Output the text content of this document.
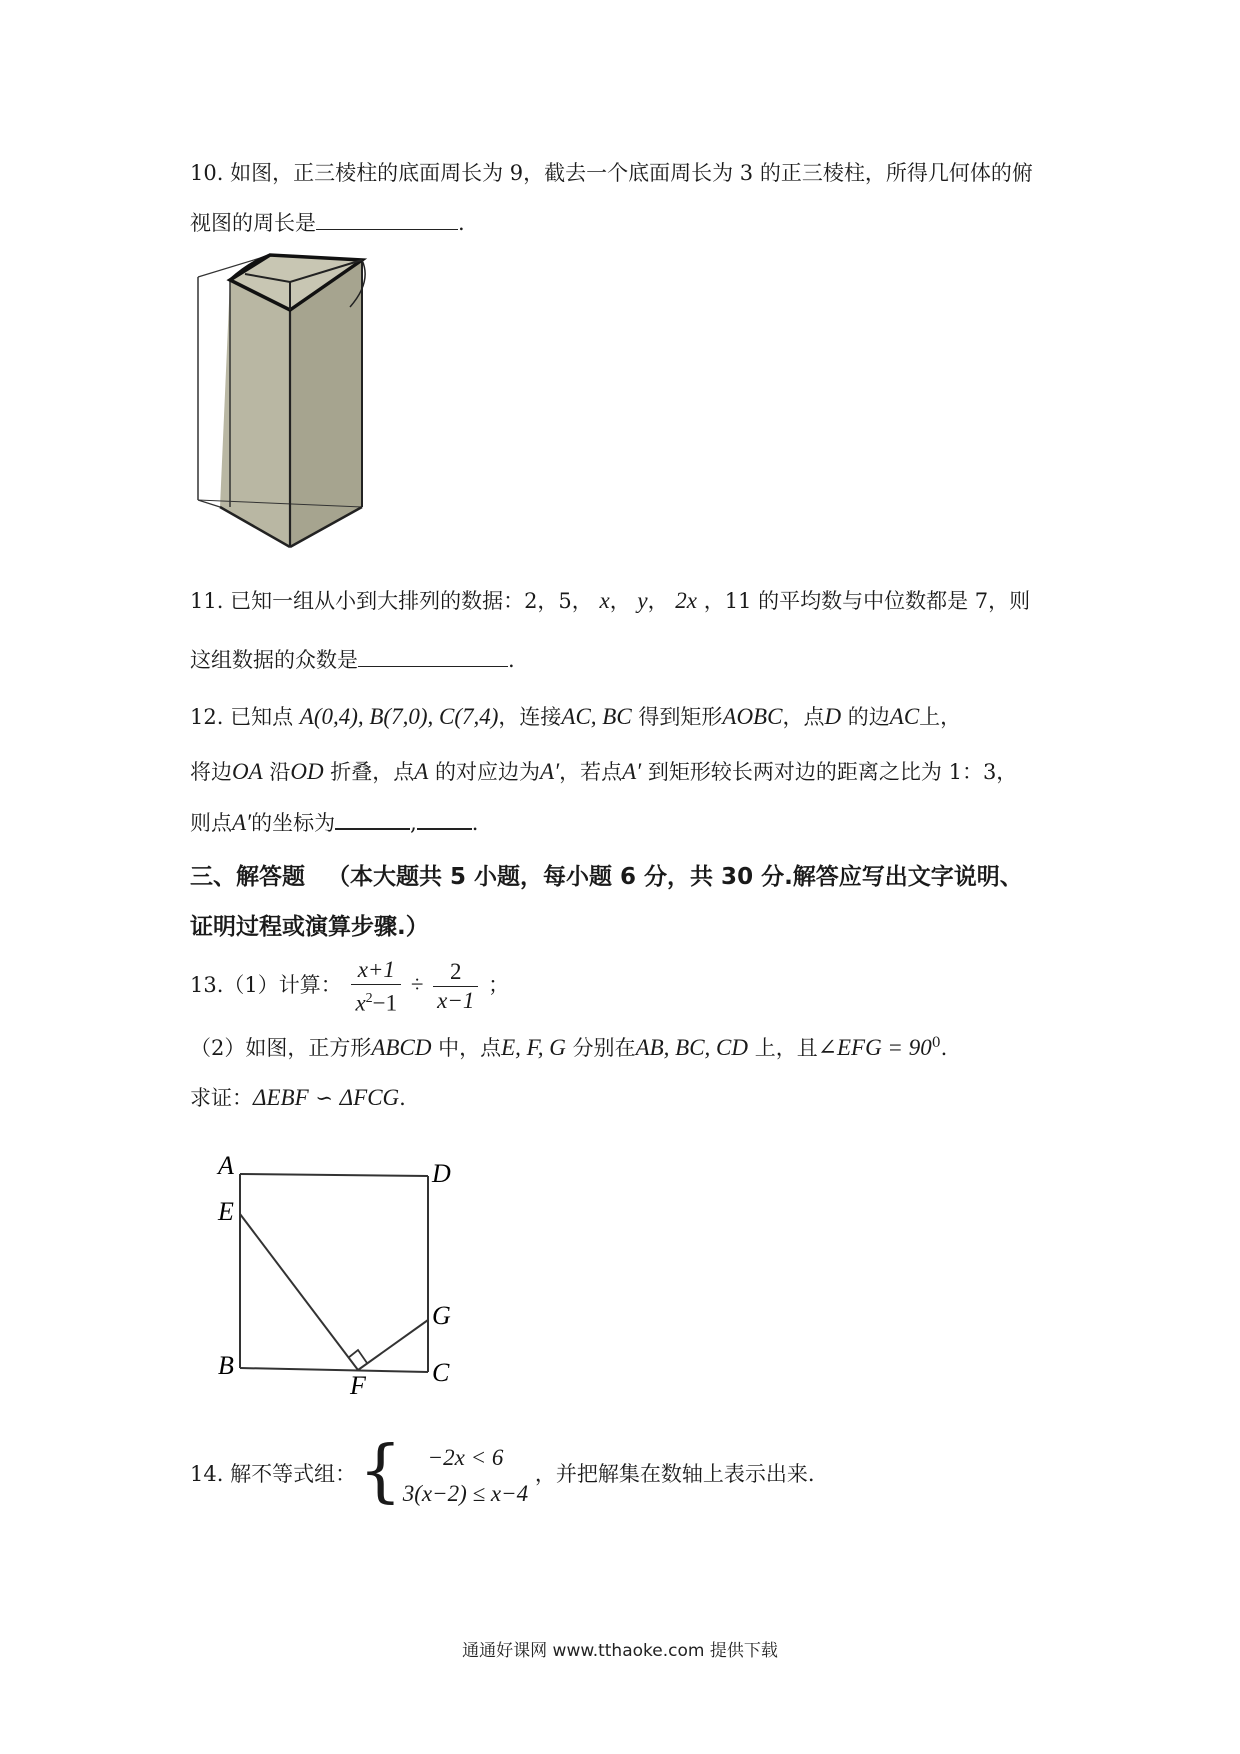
10. 如图，正三棱柱的底面周长为 9，截去一个底面周长为 3 的正三棱柱，所得几何体的俯
视图的周长是	.
11. 已知一组从小到大排列的数据：2，5， x， y， 2x ，11 的平均数与中位数都是 7，则
这组数据的众数是	.
12. 已知点 A(0,4), B(7,0), C(7,4)，连接AC, BC 得到矩形AOBC，点D 的边AC上，
将边OA 沿OD 折叠，点A 的对应边为A′，若点A′ 到矩形较长两对边的距离之比为 1：3，
则点A′的坐标为	,	.
三、解答题 （本大题共 5 小题，每小题 6 分，共 30 分.解答应写出文字说明、
证明过程或演算步骤.）
13.（1）计算： $\frac{x+1}{x^2-1} \div \frac{2}{x-1}$ ；
（2）如图，正方形ABCD 中，点E, F, G 分别在AB, BC, CD 上，且∠EFG = $90^0$.
求证：ΔEBF ∽ ΔFCG.
A	D
E
G
B	C
F
14. 解不等式组： {	−2x < 6
3(x−2) ≤ x−4
，并把解集在数轴上表示出来.
通通好课网 www.tthaoke.com 提供下载
